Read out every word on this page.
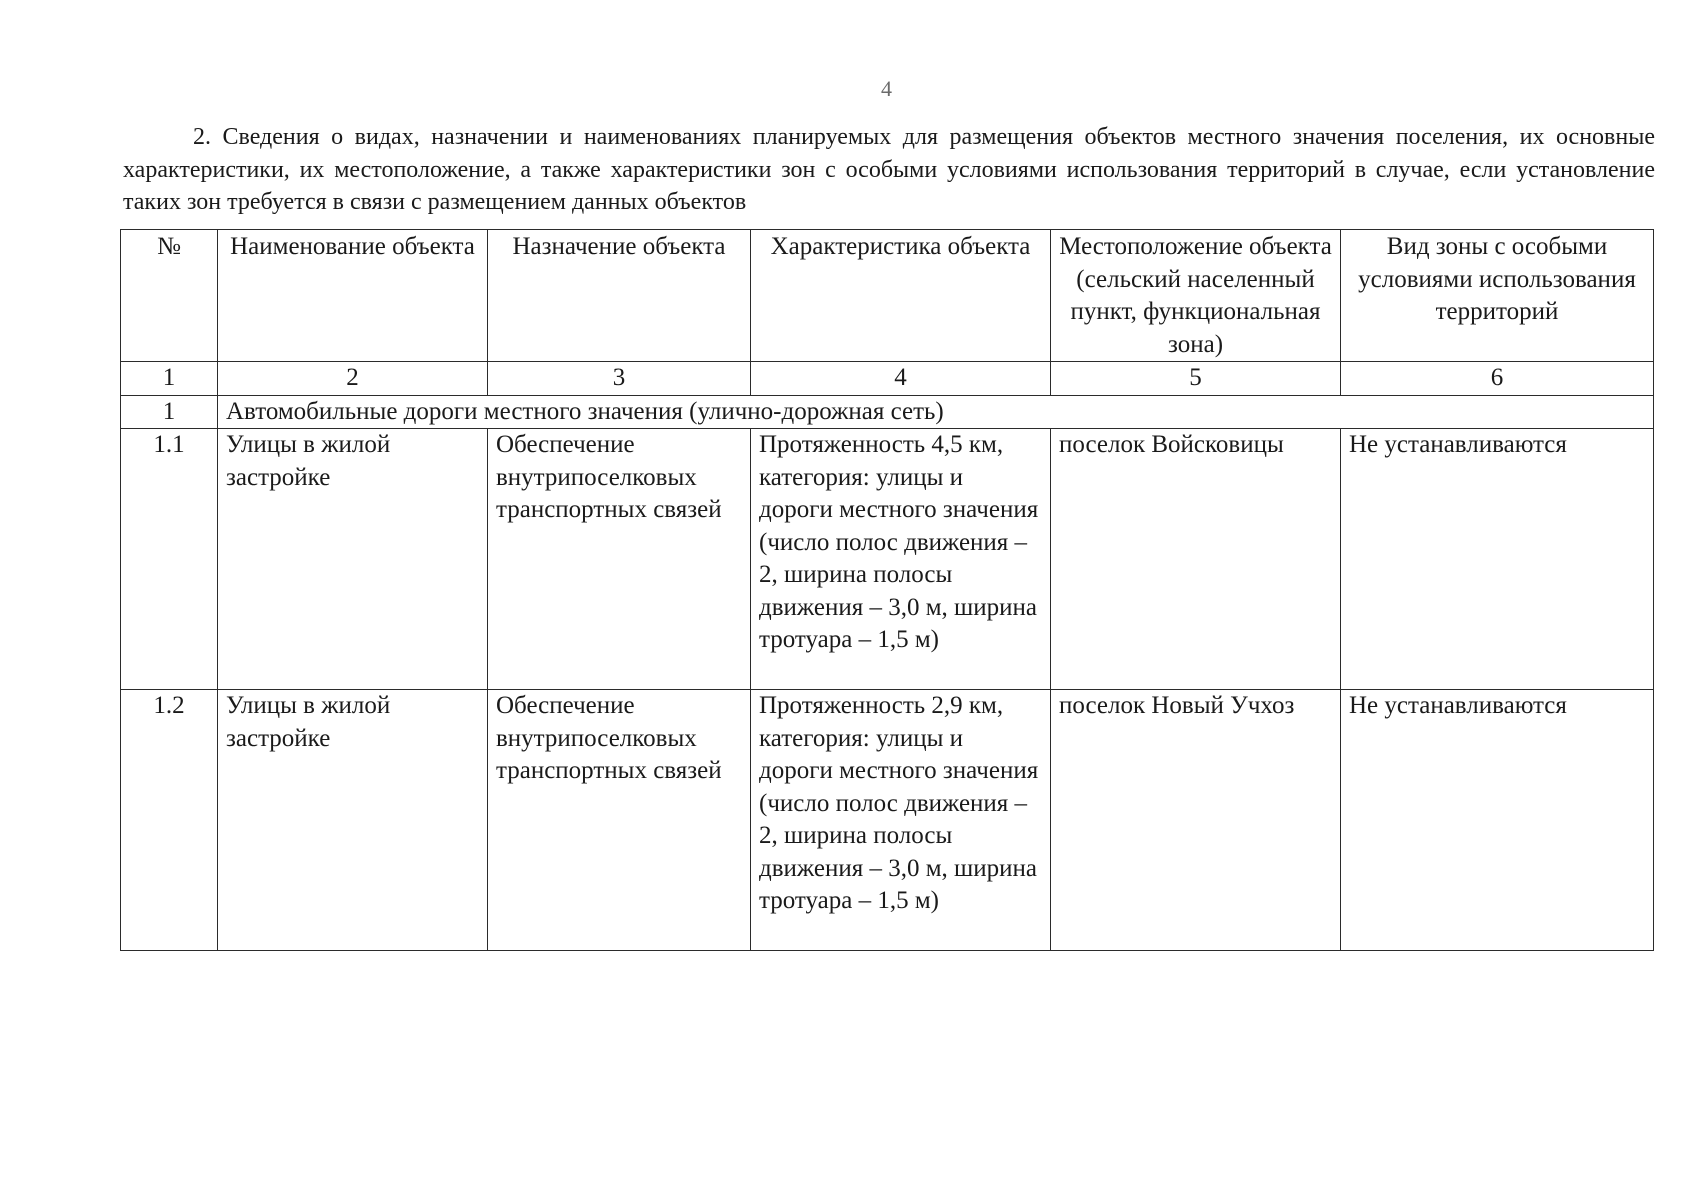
4
2. Сведения о видах, назначении и наименованиях планируемых для размещения объектов местного значения поселения, их основные характеристики, их местоположение, а также характеристики зон с особыми условиями использования территорий в случае, если установление таких зон требуется в связи с размещением данных объектов
№	Наименование объекта	Назначение объекта	Характеристика объекта	Местоположение объекта (сельский населенный пункт, функциональная зона)	Вид зоны с особыми условиями использования территорий
1	2	3	4	5	6
1	Автомобильные дороги местного значения (улично-дорожная сеть)				
1.1	Улицы в жилой застройке	Обеспечение внутрипоселковых транспортных связей	Протяженность 4,5 км, категория: улицы и дороги местного значения (число полос движения – 2, ширина полосы движения – 3,0 м, ширина тротуара – 1,5 м)	поселок Войсковицы	Не устанавливаются
1.2	Улицы в жилой застройке	Обеспечение внутрипоселковых транспортных связей	Протяженность 2,9 км, категория: улицы и дороги местного значения (число полос движения – 2, ширина полосы движения – 3,0 м, ширина тротуара – 1,5 м)	поселок Новый Учхоз	Не устанавливаются
